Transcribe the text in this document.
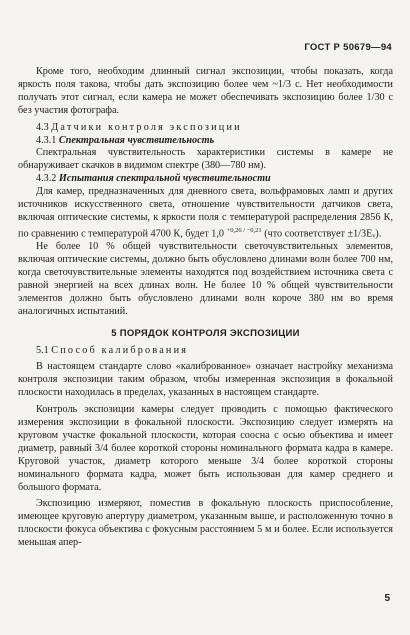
ГОСТ Р 50679—94

Кроме того, необходим длинный сигнал экспозиции, чтобы показать, когда яркость поля такова, чтобы дать экспозицию более чем ~1/3 с. Нет необходимости получать этот сигнал, если камера не может обеспечивать экспозицию более 1/30 с без участия фотографа.

4.3 Датчики контроля экспозиции

4.3.1 Спектральная чувствительность

Спектральная чувствительность характеристики системы в камере не обнаруживает скачков в видимом спектре (380—780 нм).

4.3.2 Испытания спектральной чувствительности

Для камер, предназначенных для дневного света, вольфрамовых ламп и других источников искусственного света, отношение чувствительности датчиков света, включая оптические системы, к яркости поля с температурой распределения 2856 К, по сравнению с температурой 4700 К, будет 1,0 $^{+0,26 / -0,21}$ (что соответствует ±1/3Eᵥ).

Не более 10 % общей чувствительности светочувствительных элементов, включая оптические системы, должно быть обусловлено длинами волн более 700 нм, когда светочувствительные элементы находятся под воздействием источника света с равной энергией на всех длинах волн. Не более 10 % общей чувствительности элементов должно быть обусловлено длинами волн короче 380 нм во время аналогичных испытаний.

5 ПОРЯДОК КОНТРОЛЯ ЭКСПОЗИЦИИ

5.1 Способ калибрования

В настоящем стандарте слово «калиброванное» означает настройку механизма контроля экспозиции таким образом, чтобы измеренная экспозиция в фокальной плоскости находилась в пределах, указанных в настоящем стандарте.

Контроль экспозиции камеры следует проводить с помощью фактического измерения экспозиции в фокальной плоскости. Экспозицию следует измерять на круговом участке фокальной плоскости, которая соосна с осью объектива и имеет диаметр, равный 3/4 более короткой стороны номинального формата кадра в камере. Круговой участок, диаметр которого меньше 3/4 более короткой стороны номинального формата кадра, может быть использован для камер среднего и большого формата.

Экспозицию измеряют, поместив в фокальную плоскость приспособление, имеющее круговую апертуру диаметром, указанным выше, и расположенную точно в плоскости фокуса объектива с фокусным расстоянием 5 м и более. Если используется меньшая апер-

5
